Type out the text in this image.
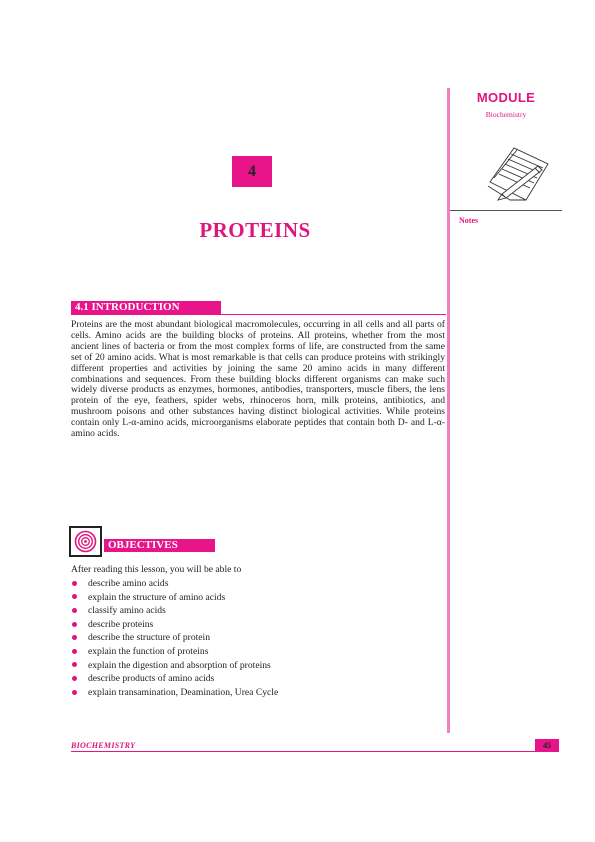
MODULE
Biochemistry
Notes
4
PROTEINS
4.1 INTRODUCTION

Proteins are the most abundant biological macromolecules, occurring in all cells and all parts of cells. Amino acids are the building blocks of proteins. All proteins, whether from the most ancient lines of bacteria or from the most complex forms of life, are constructed from the same set of 20 amino acids. What is most remarkable is that cells can produce proteins with strikingly different properties and activities by joining the same 20 amino acids in many different combinations and sequences. From these building blocks different organisms can make such widely diverse products as enzymes, hormones, antibodies, transporters, muscle fibers, the lens protein of the eye, feathers, spider webs, rhinoceros horn, milk proteins, antibiotics, and mushroom poisons and other substances having distinct biological activities. While proteins contain only L-α-amino acids, microorganisms elaborate peptides that contain both D- and L-α-amino acids.

OBJECTIVES
After reading this lesson, you will be able to
describe amino acids
explain the structure of amino acids
classify amino acids
describe proteins
describe the structure of protein
explain the function of proteins
explain the digestion and absorption of proteins
describe products of amino acids
explain transamination, Deamination, Urea Cycle
BIOCHEMISTRY	45
